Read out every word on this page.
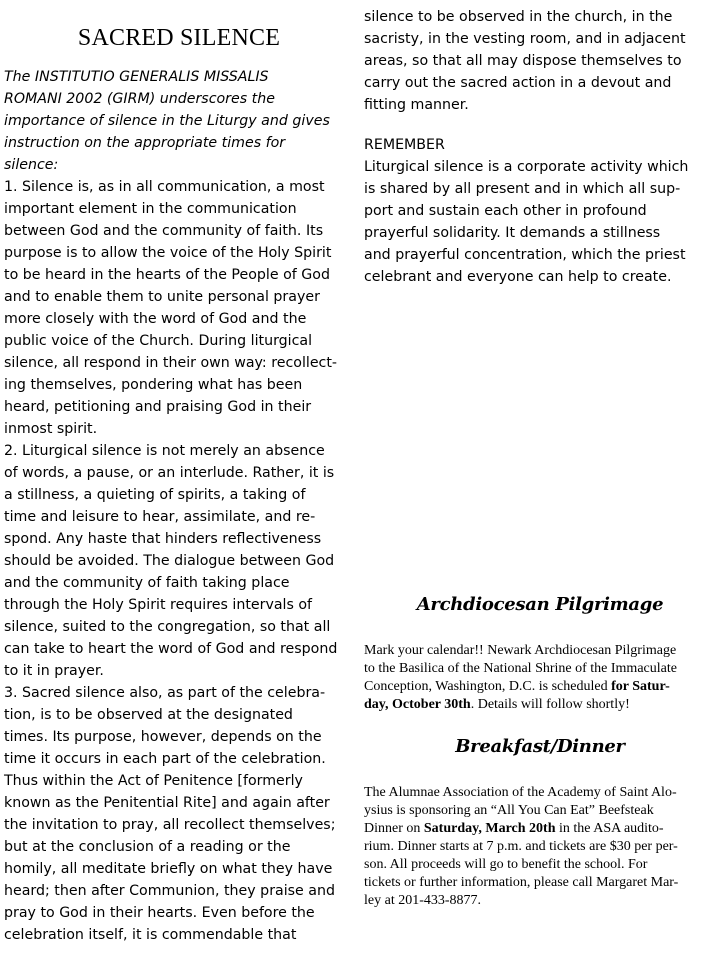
SACRED SILENCE
The INSTITUTIO GENERALIS MISSALIS
ROMANI 2002 (GIRM) underscores the
importance of silence in the Liturgy and gives
instruction on the appropriate times for
silence:
1. Silence is, as in all communication, a most
important element in the communication
between God and the community of faith. Its
purpose is to allow the voice of the Holy Spirit
to be heard in the hearts of the People of God
and to enable them to unite personal prayer
more closely with the word of God and the
public voice of the Church. During liturgical
silence, all respond in their own way: recollect-
ing themselves, pondering what has been
heard, petitioning and praising God in their
inmost spirit.
2. Liturgical silence is not merely an absence
of words, a pause, or an interlude. Rather, it is
a stillness, a quieting of spirits, a taking of
time and leisure to hear, assimilate, and re-
spond. Any haste that hinders reflectiveness
should be avoided. The dialogue between God
and the community of faith taking place
through the Holy Spirit requires intervals of
silence, suited to the congregation, so that all
can take to heart the word of God and respond
to it in prayer.
3. Sacred silence also, as part of the celebra-
tion, is to be observed at the designated
times. Its purpose, however, depends on the
time it occurs in each part of the celebration.
Thus within the Act of Penitence [formerly
known as the Penitential Rite] and again after
the invitation to pray, all recollect themselves;
but at the conclusion of a reading or the
homily, all meditate briefly on what they have
heard; then after Communion, they praise and
pray to God in their hearts. Even before the
celebration itself, it is commendable that
silence to be observed in the church, in the
sacristy, in the vesting room, and in adjacent
areas, so that all may dispose themselves to
carry out the sacred action in a devout and
fitting manner.
REMEMBER
Liturgical silence is a corporate activity which
is shared by all present and in which all sup-
port and sustain each other in profound
prayerful solidarity. It demands a stillness
and prayerful concentration, which the priest
celebrant and everyone can help to create.
Archdiocesan Pilgrimage
Mark your calendar!! Newark Archdiocesan Pilgrimage
to the Basilica of the National Shrine of the Immaculate
Conception, Washington, D.C. is scheduled for Satur-
day, October 30th. Details will follow shortly!
Breakfast/Dinner
The Alumnae Association of the Academy of Saint Alo-
ysius is sponsoring an “All You Can Eat” Beefsteak
Dinner on Saturday, March 20th in the ASA audito-
rium. Dinner starts at 7 p.m. and tickets are $30 per per-
son. All proceeds will go to benefit the school. For
tickets or further information, please call Margaret Mar-
ley at 201-433-8877.
